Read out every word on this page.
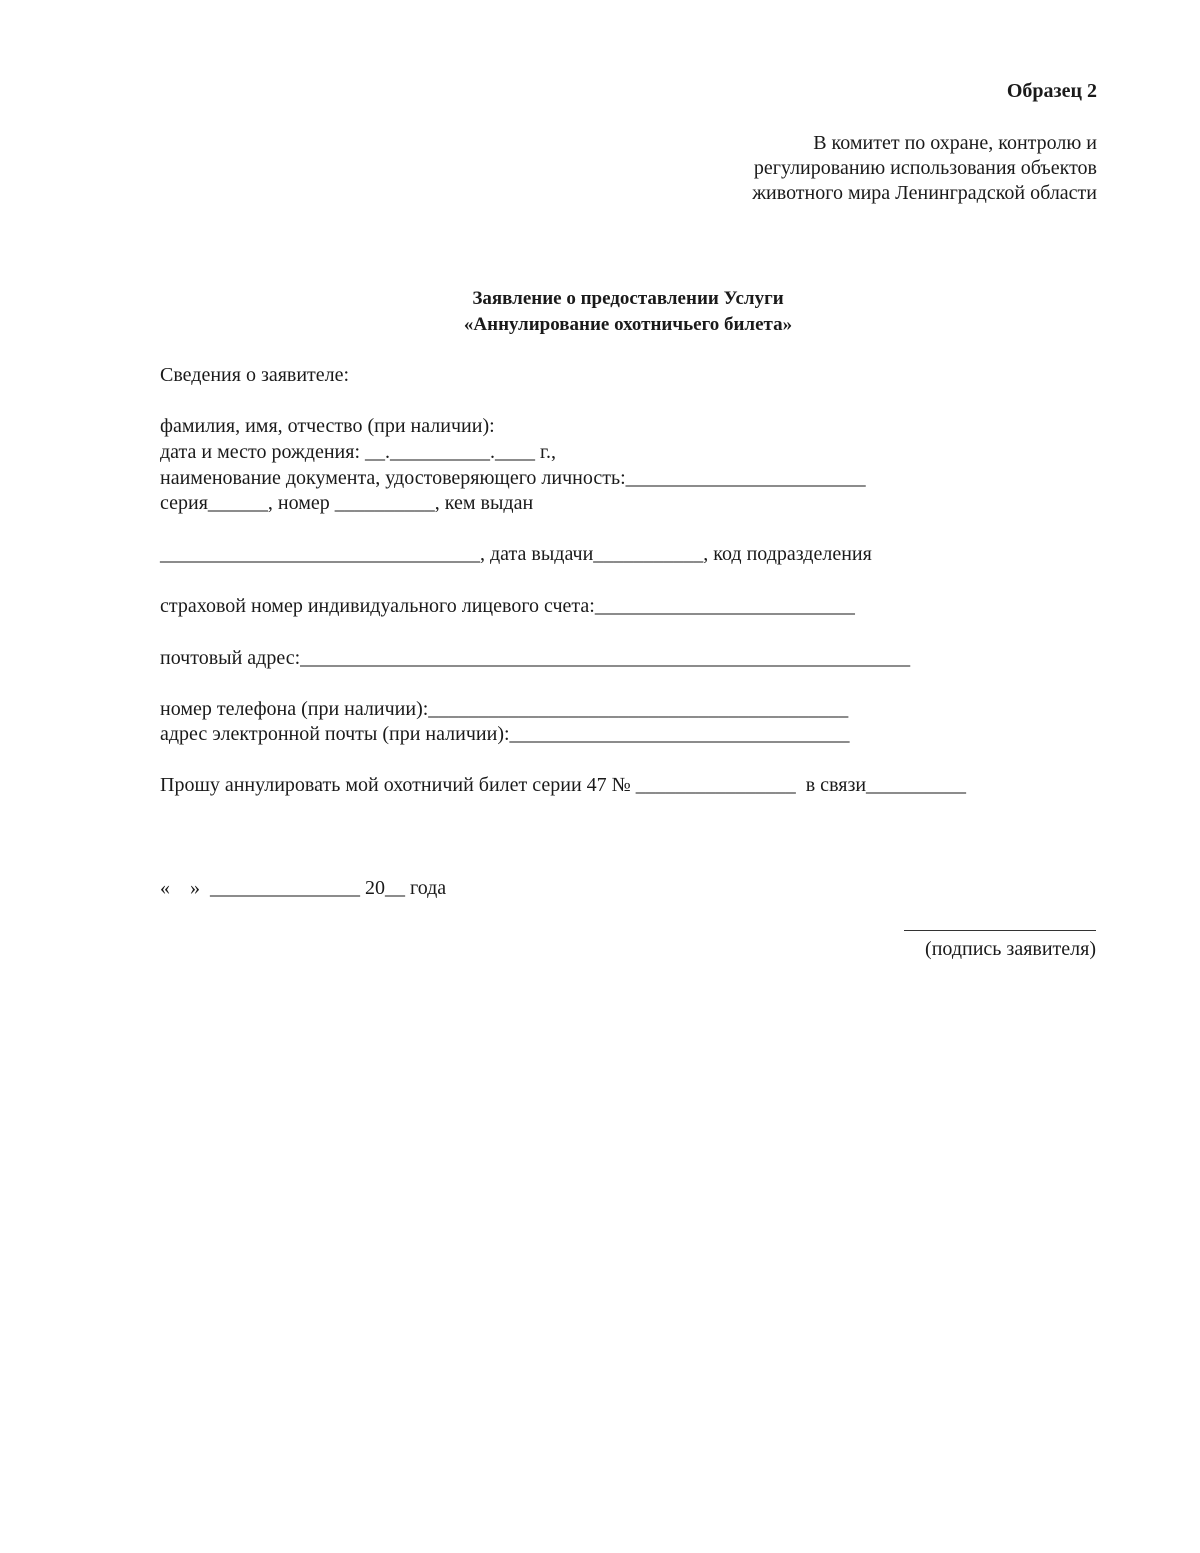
Образец 2
В комитет по охране, контролю и
регулированию использования объектов
животного мира Ленинградской области
Заявление о предоставлении Услуги
«Аннулирование охотничьего билета»
Сведения о заявителе:
фамилия, имя, отчество (при наличии):
дата и место рождения: __.__________.____ г.,
наименование документа, удостоверяющего личность:________________________
серия______, номер __________, кем выдан
________________________________, дата выдачи___________, код подразделения
страховой номер индивидуального лицевого счета:__________________________
почтовый адрес:_____________________________________________________________
номер телефона (при наличии):__________________________________________
адрес электронной почты (при наличии):__________________________________
Прошу аннулировать мой охотничий билет серии 47 № ________________  в связи__________
«    »  _______________ 20__ года
(подпись заявителя)
